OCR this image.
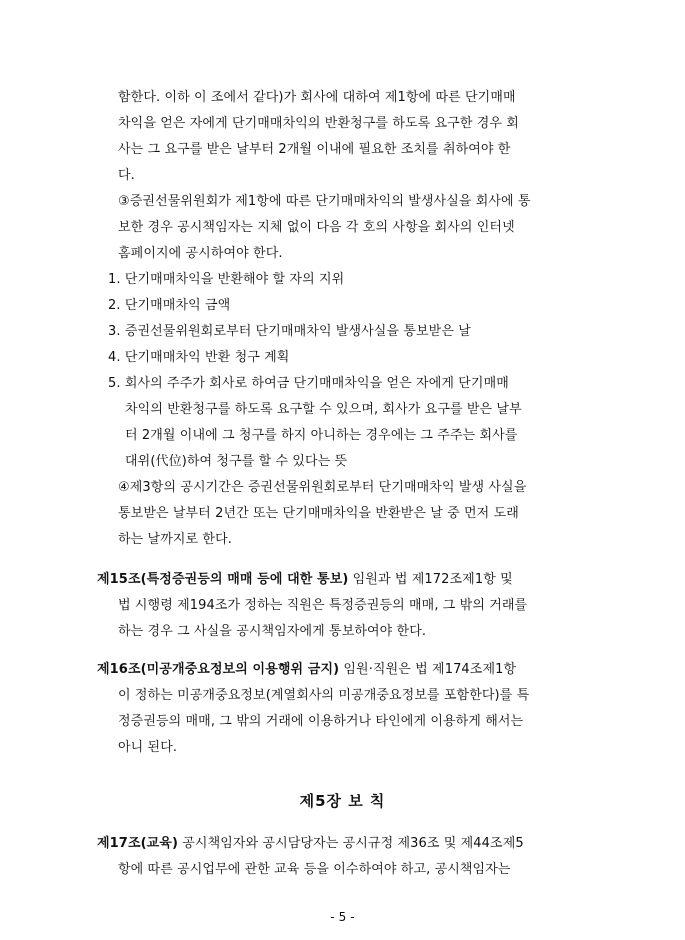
함한다. 이하 이 조에서 같다)가 회사에 대하여 제1항에 따른 단기매매

차익을 얻은 자에게 단기매매차익의 반환청구를 하도록 요구한 경우 회

사는 그 요구를 받은 날부터 2개월 이내에 필요한 조치를 취하여야 한

다.

③증권선물위원회가 제1항에 따른 단기매매차익의 발생사실을 회사에 통

보한 경우 공시책임자는 지체 없이 다음 각 호의 사항을 회사의 인터넷

홈페이지에 공시하여야 한다.

1. 단기매매차익을 반환해야 할 자의 지위

2. 단기매매차익 금액

3. 증권선물위원회로부터 단기매매차익 발생사실을 통보받은 날

4. 단기매매차익 반환 청구 계획

5. 회사의 주주가 회사로 하여금 단기매매차익을 얻은 자에게 단기매매

차익의 반환청구를 하도록 요구할 수 있으며, 회사가 요구를 받은 날부

터 2개월 이내에 그 청구를 하지 아니하는 경우에는 그 주주는 회사를

대위(代位)하여 청구를 할 수 있다는 뜻

④제3항의 공시기간은 증권선물위원회로부터 단기매매차익 발생 사실을

통보받은 날부터 2년간 또는 단기매매차익을 반환받은 날 중 먼저 도래

하는 날까지로 한다.

제15조(특정증권등의 매매 등에 대한 통보) 임원과 법 제172조제1항 및

법 시행령 제194조가 정하는 직원은 특정증권등의 매매, 그 밖의 거래를

하는 경우 그 사실을 공시책임자에게 통보하여야 한다.

제16조(미공개중요정보의 이용행위 금지) 임원·직원은 법 제174조제1항

이 정하는 미공개중요정보(계열회사의 미공개중요정보를 포함한다)를 특

정증권등의 매매, 그 밖의 거래에 이용하거나 타인에게 이용하게 해서는

아니 된다.

제5장 보 칙

제17조(교육) 공시책임자와 공시담당자는 공시규정 제36조 및 제44조제5

항에 따른 공시업무에 관한 교육 등을 이수하여야 하고, 공시책임자는

- 5 -
